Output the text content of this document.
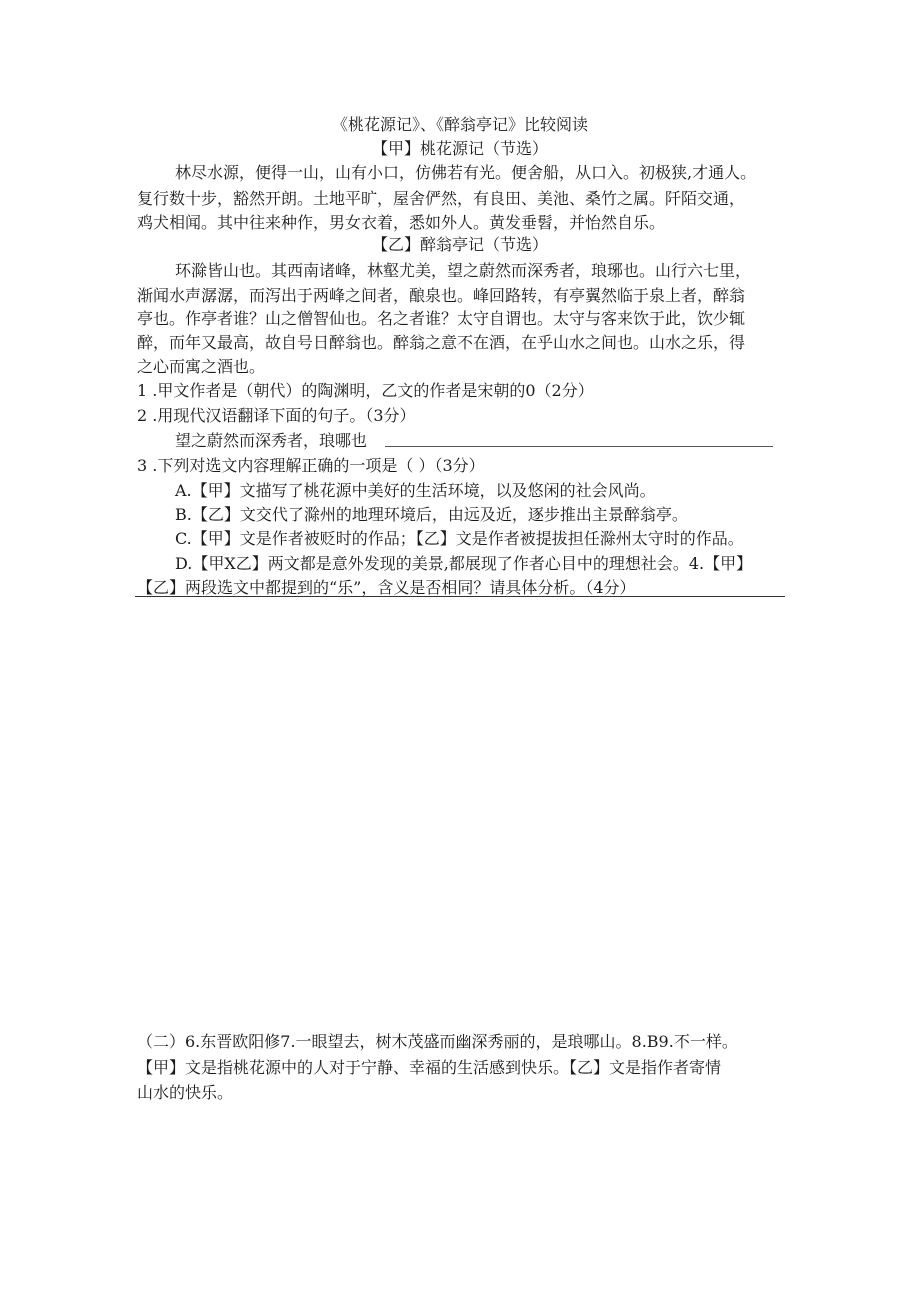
《桃花源记》、《醉翁亭记》比较阅读
【甲】桃花源记（节选）
林尽水源，便得一山，山有小口，仿佛若有光。便舍船，从口入。初极狭,才通人。
复行数十步，豁然开朗。土地平旷，屋舍俨然，有良田、美池、桑竹之属。阡陌交通，
鸡犬相闻。其中往来种作，男女衣着，悉如外人。黄发垂髫，并怡然自乐。
【乙】醉翁亭记（节选）
环滁皆山也。其西南诸峰，林壑尤美，望之蔚然而深秀者，琅琊也。山行六七里，
渐闻水声潺潺，而泻出于两峰之间者，酿泉也。峰回路转，有亭翼然临于泉上者，醉翁
亭也。作亭者谁？山之僧智仙也。名之者谁？太守自谓也。太守与客来饮于此，饮少辄
醉，而年又最高，故自号日醉翁也。醉翁之意不在酒，在乎山水之间也。山水之乐，得
之心而寓之酒也。
1 .甲文作者是（朝代）的陶渊明，乙文的作者是宋朝的0（2分）
2 .用现代汉语翻译下面的句子。（3分）
望之蔚然而深秀者，琅哪也
3 .下列对选文内容理解正确的一项是（ ）（3分）
A.【甲】文描写了桃花源中美好的生活环境，以及悠闲的社会风尚。
B.【乙】文交代了滁州的地理环境后，由远及近，逐步推出主景醉翁亭。
C.【甲】文是作者被贬时的作品；【乙】文是作者被提拔担任滁州太守时的作品。
D.【甲X乙】两文都是意外发现的美景,都展现了作者心目中的理想社会。4.【甲】
【乙】两段选文中都提到的“乐”，含义是否相同？请具体分析。（4分）
（二）6.东晋欧阳修7.一眼望去，树木茂盛而幽深秀丽的，是琅哪山。8.B9.不一样。
【甲】文是指桃花源中的人对于宁静、幸福的生活感到快乐。【乙】文是指作者寄情
山水的快乐。
